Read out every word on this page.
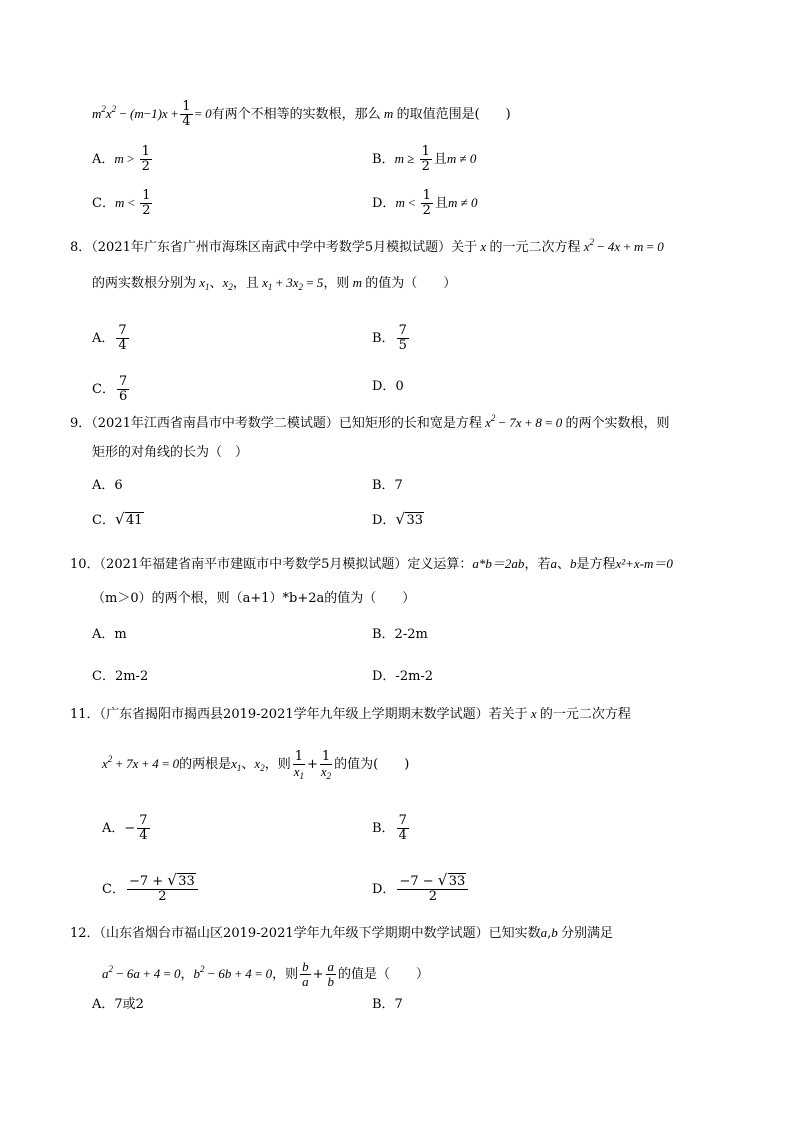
$m^2x^2 - (m-1)x + \frac{1}{4} = 0$有两个不相等的实数根，那么 m 的取值范围是(　　)
A．$m > \frac{1}{2}$	B．$m \ge \frac{1}{2}$ 且m ≠ 0
C．$m < \frac{1}{2}$	D．$m < \frac{1}{2}$ 且m ≠ 0
8．（2021年广东省广州市海珠区南武中学中考数学5月模拟试题）关于 x 的一元二次方程 $x^2 - 4x + m = 0$
的两实数根分别为 $x_1$、$x_2$，且 $x_1 + 3x_2 = 5$，则 m 的值为（　　）
A． $\frac{7}{4}$	B． $\frac{7}{5}$
C． $\frac{7}{6}$	D．0
9．（2021年江西省南昌市中考数学二模试题）已知矩形的长和宽是方程 $x^2 - 7x + 8 = 0$ 的两个实数根，则
矩形的对角线的长为（　）
A．6	B．7
C． √ 41	D． √ 33
10．（2021年福建省南平市建瓯市中考数学5月模拟试题）定义运算：a*b＝2ab，若a、b是方程x²+x-m＝0
（m＞0）的两个根，则（a+1）*b+2a的值为（　　）
A．m	B．2-2m
C．2m-2	D．-2m-2
11．（广东省揭阳市揭西县2019-2021学年九年级上学期期末数学试题）若关于 x 的一元二次方程
$x^2 + 7x + 4 = 0$的两根是$x_1$、$x_2$，则 $\frac{1}{x_1} + \frac{1}{x_2}$ 的值为(　　)
A．− $\frac{7}{4}$	B． $\frac{7}{4}$
C． $\frac{-7 + √ 33}{2}$	D． $\frac{-7 - √ 33}{2}$
12．（山东省烟台市福山区2019-2021学年九年级下学期期中数学试题）已知实数a,b 分别满足
$a^2 - 6a + 4 = 0$，$b^2 - 6b + 4 = 0$，则 $\frac{b}{a} + \frac{a}{b}$ 的值是（　　）
A．7或2	B．7
